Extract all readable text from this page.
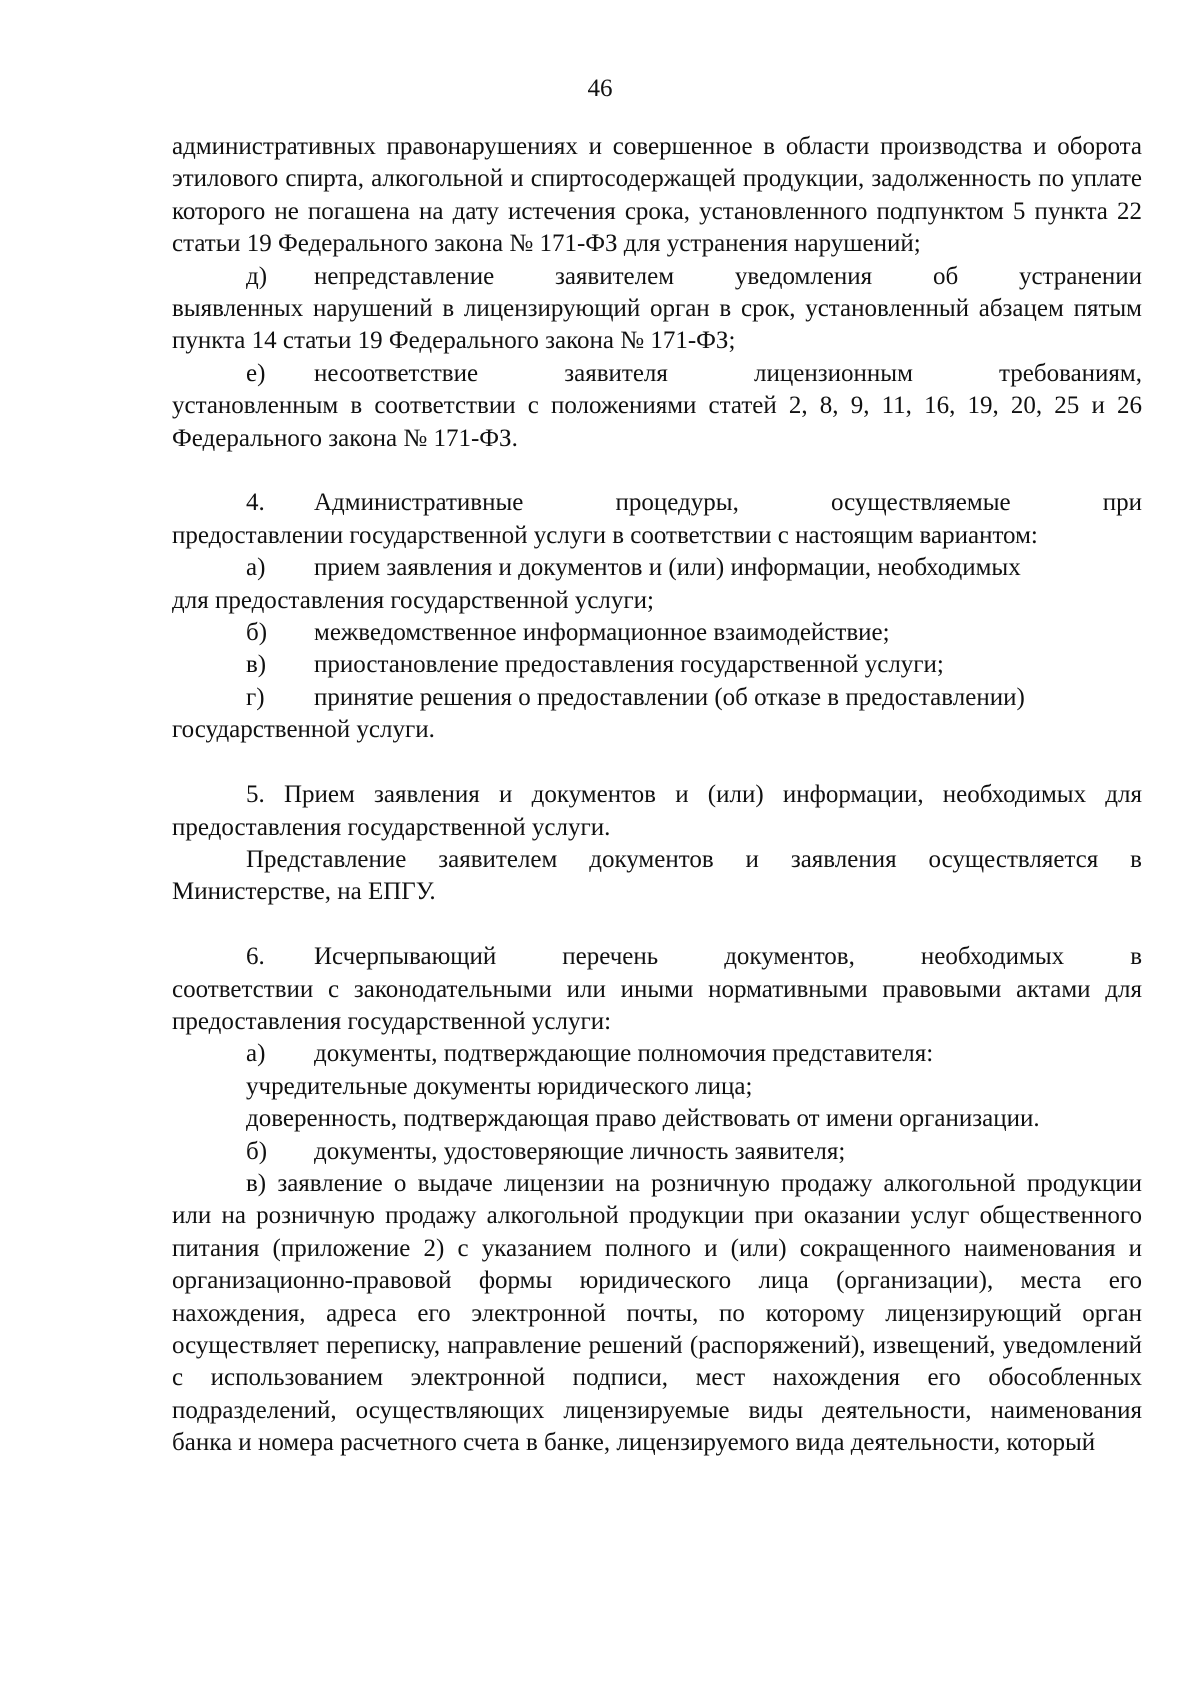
46

административных правонарушениях и совершенное в области производства и оборота этилового спирта, алкогольной и спиртосодержащей продукции, задолженность по уплате которого не погашена на дату истечения срока, установленного подпунктом 5 пункта 22 статьи 19 Федерального закона № 171-ФЗ для устранения нарушений;

д)	непредставление заявителем уведомления об устранении
выявленных нарушений в лицензирующий орган в срок, установленный абзацем пятым пункта 14 статьи 19 Федерального закона № 171-ФЗ;
е)	несоответствие заявителя лицензионным требованиям,
установленным в соответствии с положениями статей 2, 8, 9, 11, 16, 19, 20, 25 и 26 Федерального закона № 171-ФЗ.
4.	Административные процедуры, осуществляемые при
предоставлении государственной услуги в соответствии с настоящим вариантом:
а)	прием заявления и документов и (или) информации, необходимых
для предоставления государственной услуги;
б)	межведомственное информационное взаимодействие;
в)	приостановление предоставления государственной услуги;
г)	принятие решения о предоставлении (об отказе в предоставлении)
государственной услуги.

5. Прием заявления и документов и (или) информации, необходимых для предоставления государственной услуги.

Представление заявителем документов и заявления осуществляется в Министерстве, на ЕПГУ.

6.	Исчерпывающий перечень документов, необходимых в
соответствии с законодательными или иными нормативными правовыми актами для предоставления государственной услуги:
а)	документы, подтверждающие полномочия представителя:

учредительные документы юридического лица;

доверенность, подтверждающая право действовать от имени организации.

б)	документы, удостоверяющие личность заявителя;

в) заявление о выдаче лицензии на розничную продажу алкогольной продукции или на розничную продажу алкогольной продукции при оказании услуг общественного питания (приложение 2) с указанием полного и (или) сокращенного наименования и организационно-правовой формы юридического лица (организации), места его нахождения, адреса его электронной почты, по которому лицензирующий орган осуществляет переписку, направление решений (распоряжений), извещений, уведомлений с использованием электронной подписи, мест нахождения его обособленных подразделений, осуществляющих лицензируемые виды деятельности, наименования банка и номера расчетного счета в банке, лицензируемого вида деятельности, который
